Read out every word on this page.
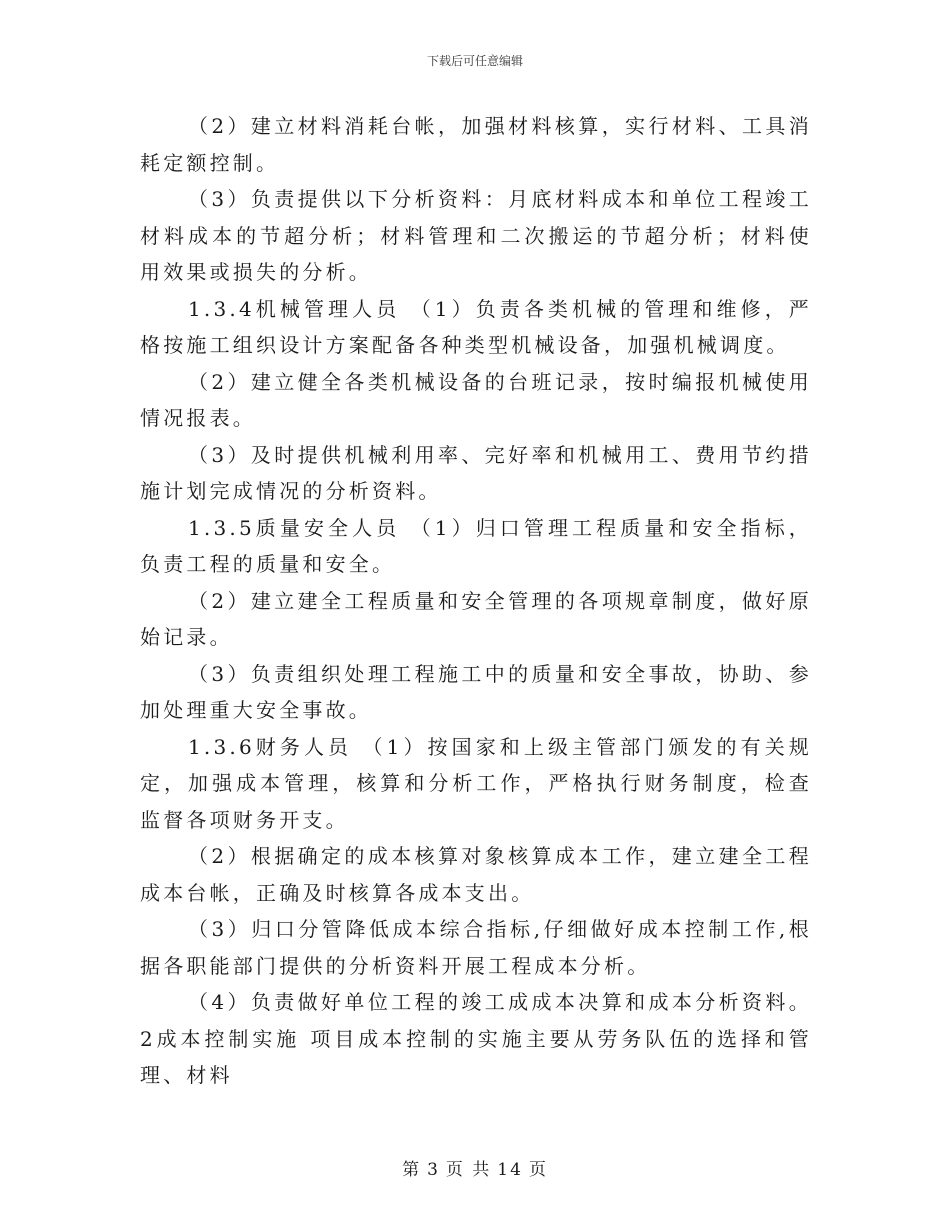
下载后可任意编辑

（2）建立材料消耗台帐，加强材料核算，实行材料、工具消耗定额控制。

（3）负责提供以下分析资料：月底材料成本和单位工程竣工材料成本的节超分析；材料管理和二次搬运的节超分析；材料使用效果或损失的分析。

1.3.4机械管理人员 （1）负责各类机械的管理和维修，严格按施工组织设计方案配备各种类型机械设备，加强机械调度。

（2）建立健全各类机械设备的台班记录，按时编报机械使用情况报表。

（3）及时提供机械利用率、完好率和机械用工、费用节约措施计划完成情况的分析资料。

1.3.5质量安全人员 （1）归口管理工程质量和安全指标，负责工程的质量和安全。

（2）建立建全工程质量和安全管理的各项规章制度，做好原始记录。

（3）负责组织处理工程施工中的质量和安全事故，协助、参加处理重大安全事故。

1.3.6财务人员 （1）按国家和上级主管部门颁发的有关规定，加强成本管理，核算和分析工作，严格执行财务制度，检查监督各项财务开支。

（2）根据确定的成本核算对象核算成本工作，建立建全工程成本台帐，正确及时核算各成本支出。

（3）归口分管降低成本综合指标,仔细做好成本控制工作,根据各职能部门提供的分析资料开展工程成本分析。

（4）负责做好单位工程的竣工成成本决算和成本分析资料。 2成本控制实施 项目成本控制的实施主要从劳务队伍的选择和管理、材料

第 3 页 共 14 页
